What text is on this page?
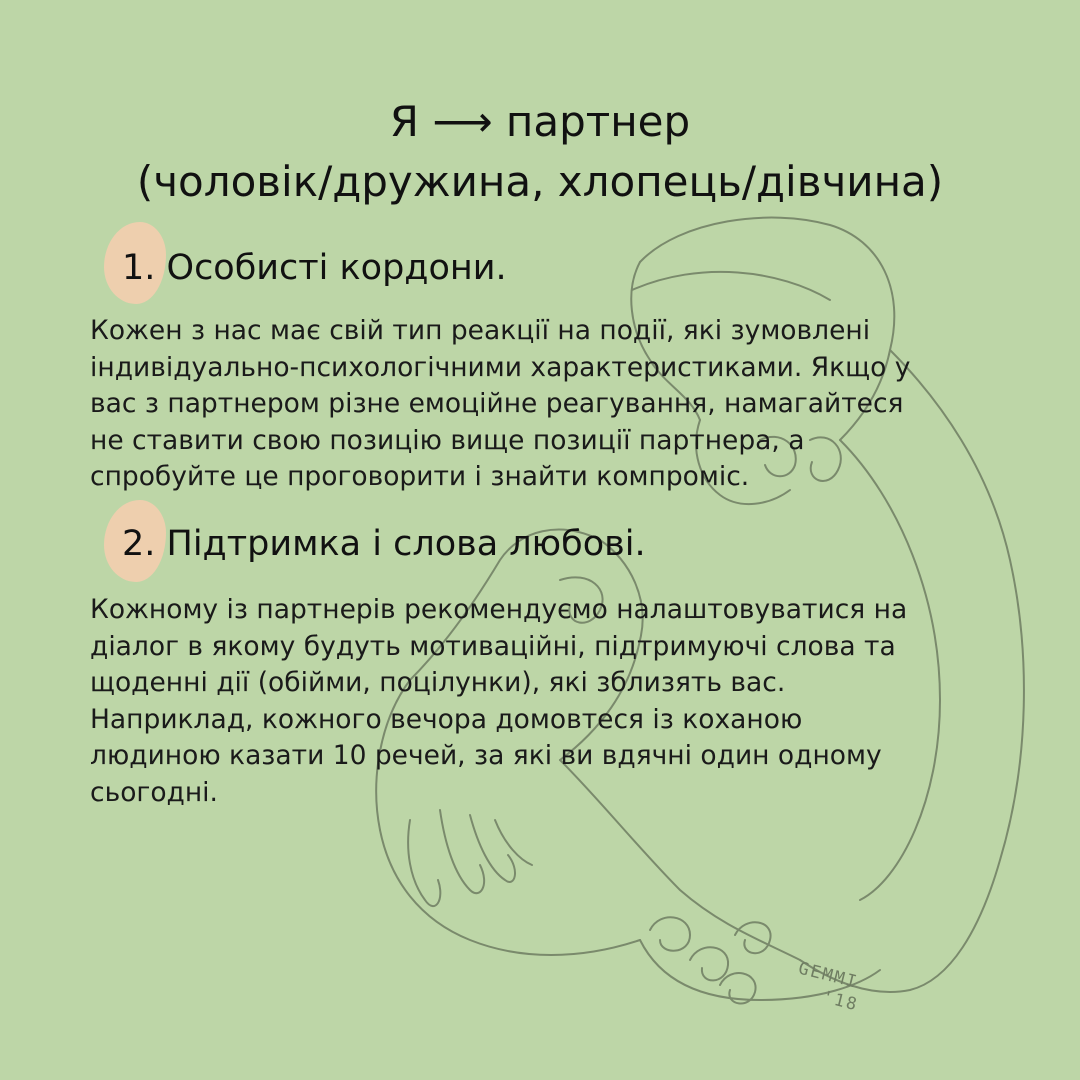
Я ⟶ партнер
(чоловік/дружина, хлопець/дівчина)
1. Особисті кордони.
Кожен з нас має свій тип реакції на події, які зумовлені
індивідуально-психологічними характеристиками. Якщо у
вас з партнером різне емоційне реагування, намагайтеся
не ставити свою позицію вище позиції партнера, а
спробуйте це проговорити і знайти компроміс.
2. Підтримка і слова любові.
Кожному із партнерів рекомендуємо налаштовуватися на
діалог в якому будуть мотиваційні, підтримуючі слова та
щоденні дії (обійми, поцілунки), які зблизять вас.
Наприклад, кожного вечора домовтеся із коханою
людиною казати 10 речей, за які ви вдячні один одному
сьогодні.
GEMMI
'18
